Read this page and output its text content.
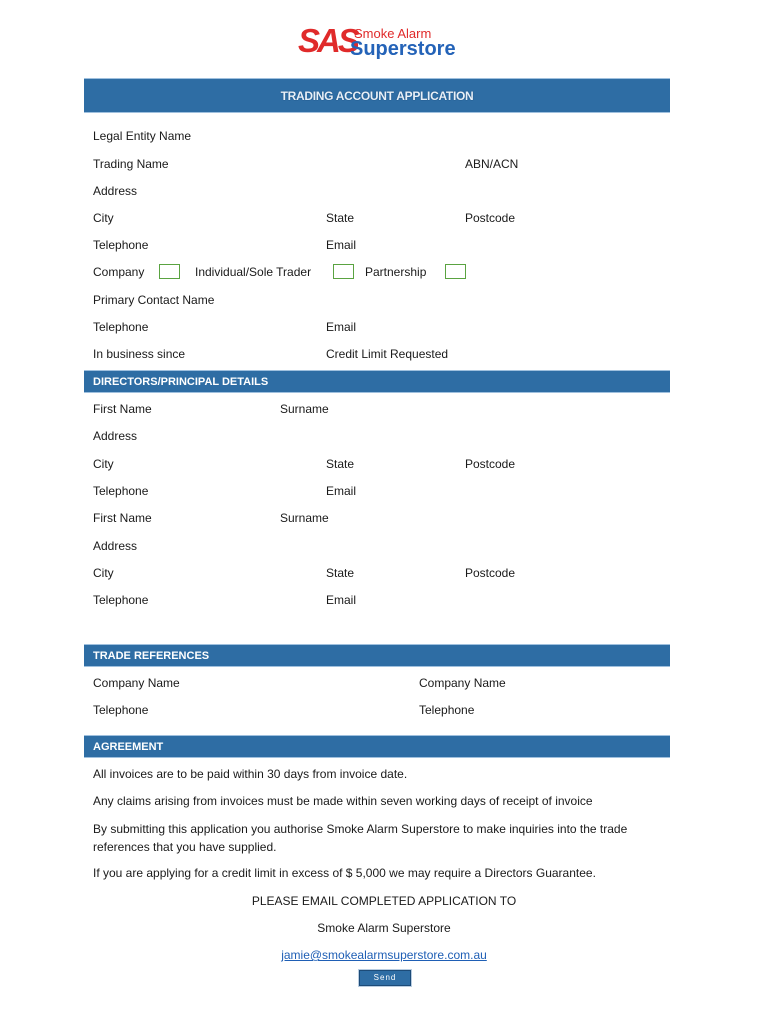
SAS
Smoke Alarm
Superstore
TRADING ACCOUNT APPLICATION
Legal Entity Name
Trading Name	ABN/ACN
Address
City	State	Postcode
Telephone	Email
Company	Individual/Sole Trader	Partnership
Primary Contact Name
Telephone	Email
In business since	Credit Limit Requested
DIRECTORS/PRINCIPAL DETAILS
First Name	Surname
Address
City	State	Postcode
Telephone	Email
First Name	Surname
Address
City	State	Postcode
Telephone	Email
TRADE REFERENCES
Company Name	Company Name
Telephone	Telephone
AGREEMENT
All invoices are to be paid within 30 days from invoice date.
Any claims arising from invoices must be made within seven working days of receipt of invoice
By submitting this application you authorise Smoke Alarm Superstore to make inquiries into the trade references that you have supplied.
If you are applying for a credit limit in excess of $ 5,000 we may require a Directors Guarantee.
PLEASE EMAIL COMPLETED APPLICATION TO
Smoke Alarm Superstore
jamie@smokealarmsuperstore.com.au
Send
